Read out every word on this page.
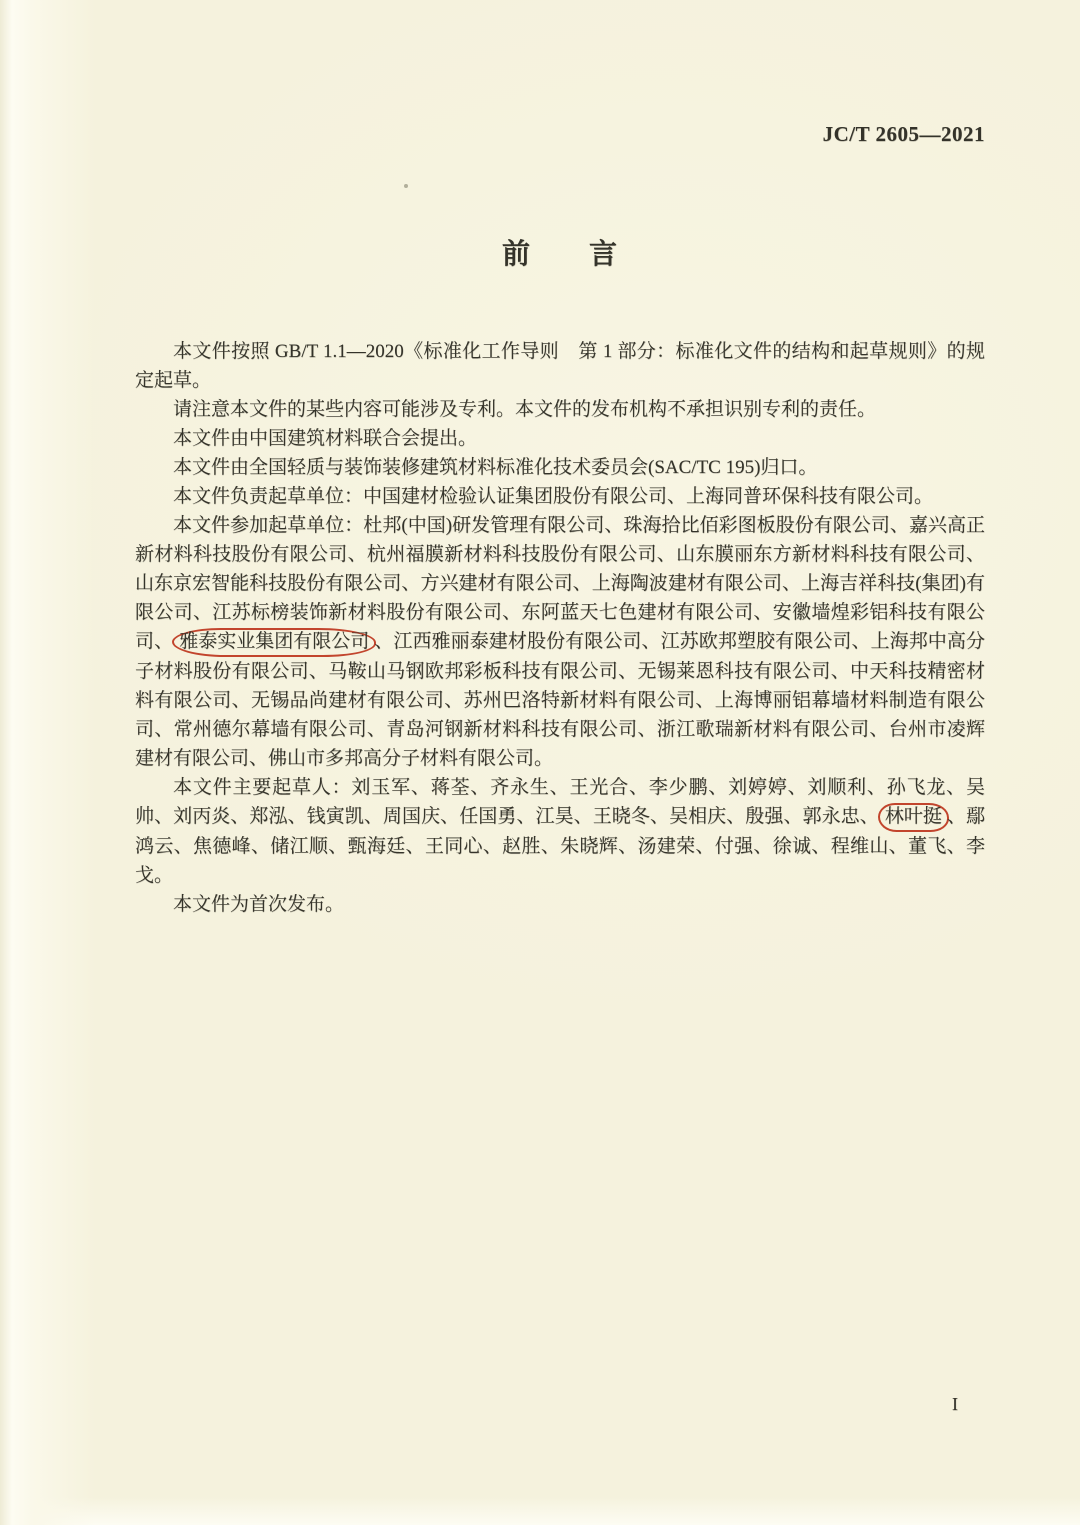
JC/T 2605—2021
前　　言

本文件按照 GB/T 1.1—2020《标准化工作导则　第 1 部分：标准化文件的结构和起草规则》的规定起草。

请注意本文件的某些内容可能涉及专利。本文件的发布机构不承担识别专利的责任。

本文件由中国建筑材料联合会提出。

本文件由全国轻质与装饰装修建筑材料标准化技术委员会(SAC/TC 195)归口。

本文件负责起草单位：中国建材检验认证集团股份有限公司、上海同普环保科技有限公司。

本文件参加起草单位：杜邦(中国)研发管理有限公司、珠海拾比佰彩图板股份有限公司、嘉兴高正新材料科技股份有限公司、杭州福膜新材料科技股份有限公司、山东膜丽东方新材料科技有限公司、山东京宏智能科技股份有限公司、方兴建材有限公司、上海陶波建材有限公司、上海吉祥科技(集团)有限公司、江苏标榜装饰新材料股份有限公司、东阿蓝天七色建材有限公司、安徽墙煌彩铝科技有限公司、 雅泰实业集团有限公司 、江西雅丽泰建材股份有限公司、江苏欧邦塑胶有限公司、上海邦中高分子材料股份有限公司、马鞍山马钢欧邦彩板科技有限公司、无锡莱恩科技有限公司、中天科技精密材料有限公司、无锡品尚建材有限公司、苏州巴洛特新材料有限公司、上海博丽铝幕墙材料制造有限公司、常州德尔幕墙有限公司、青岛河钢新材料科技有限公司、浙江歌瑞新材料有限公司、台州市凌辉建材有限公司、佛山市多邦高分子材料有限公司。

本文件主要起草人：刘玉军、蒋荃、齐永生、王光合、李少鹏、刘婷婷、刘顺利、孙飞龙、吴帅、刘丙炎、郑泓、钱寅凯、周国庆、任国勇、江昊、王晓冬、吴相庆、殷强、郭永忠、 林叶挺 、鄢鸿云、焦德峰、储江顺、甄海廷、王同心、赵胜、朱晓辉、汤建荣、付强、徐诚、程维山、董飞、李戈。

本文件为首次发布。

I
